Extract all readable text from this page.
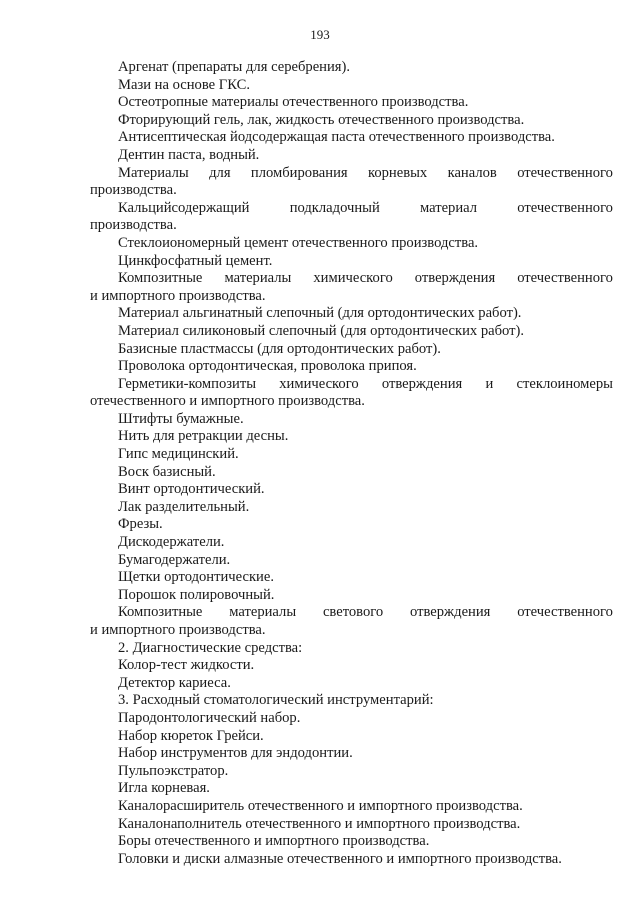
193
Аргенат (препараты для серебрения).
Мази на основе ГКС.
Остеотропные материалы отечественного производства.
Фторирующий гель, лак, жидкость отечественного производства.
Антисептическая йодсодержащая паста отечественного производства.
Дентин паста, водный.
Материалы для пломбирования корневых каналов отечественного
производства.
Кальцийсодержащий	подкладочный	материал	отечественного
производства.
Стеклоиономерный цемент отечественного производства.
Цинкфосфатный цемент.
Композитные материалы химического отверждения отечественного
и импортного производства.
Материал альгинатный слепочный (для ортодонтических работ).
Материал силиконовый слепочный (для ортодонтических работ).
Базисные пластмассы (для ортодонтических работ).
Проволока ортодонтическая, проволока припоя.
Герметики-композиты химического отверждения и стеклоиномеры
отечественного и импортного производства.
Штифты бумажные.
Нить для ретракции десны.
Гипс медицинский.
Воск базисный.
Винт ортодонтический.
Лак разделительный.
Фрезы.
Дискодержатели.
Бумагодержатели.
Щетки ортодонтические.
Порошок полировочный.
Композитные материалы светового отверждения отечественного
и импортного производства.
2. Диагностические средства:
Колор-тест жидкости.
Детектор кариеса.
3. Расходный стоматологический инструментарий:
Пародонтологический набор.
Набор кюреток Грейси.
Набор инструментов для эндодонтии.
Пульпоэкстратор.
Игла корневая.
Каналорасширитель отечественного и импортного производства.
Каналонаполнитель отечественного и импортного производства.
Боры отечественного и импортного производства.
Головки и диски алмазные отечественного и импортного производства.
